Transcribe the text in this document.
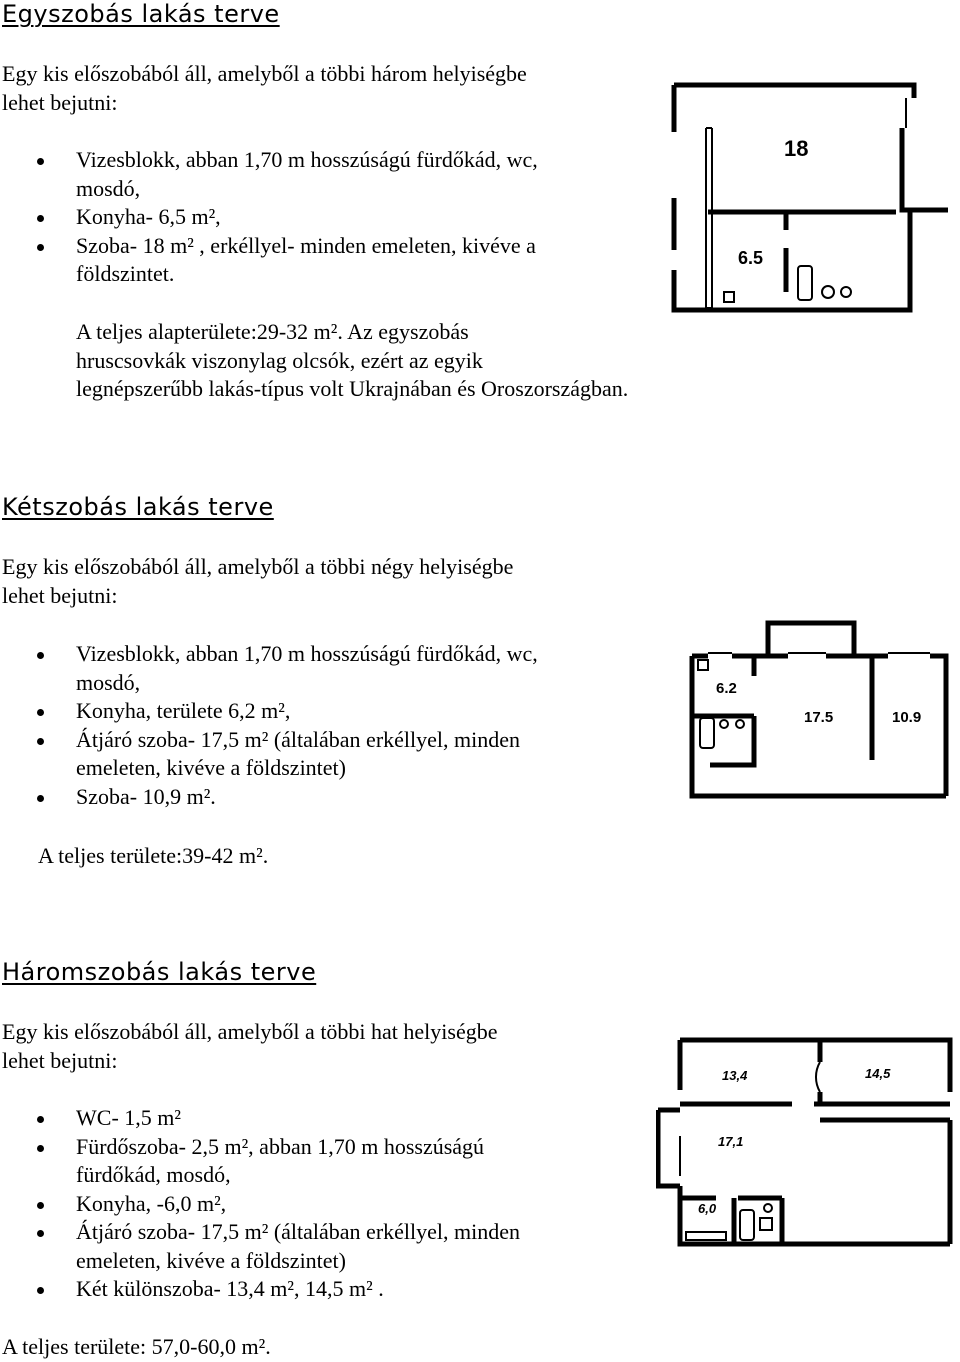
Egyszobás lakás terve

Egy kis előszobából áll, amelyből a többi három helyiségbe
lehet bejutni:

Vizesblokk, abban 1,70 m hosszúságú fürdőkád, wc,
mosdó,
Konyha- 6,5 m²,
Szoba- 18 m² , erkéllyel- minden emeleten, kivéve a
földszintet.

A teljes alapterülete:29-32 m². Az egyszobás
hruscsovkák viszonylag olcsók, ezért az egyik
legnépszerűbb lakás-típus volt Ukrajnában és Oroszországban.

18
6.5
Kétszobás lakás terve

Egy kis előszobából áll, amelyből a többi négy helyiségbe
lehet bejutni:

Vizesblokk, abban 1,70 m hosszúságú fürdőkád, wc,
mosdó,
Konyha, területe 6,2 m²,
Átjáró szoba- 17,5 m² (általában erkéllyel, minden
emeleten, kivéve a földszintet)
Szoba- 10,9 m².

A teljes területe:39-42 m².

6.2
17.5	10.9
Háromszobás lakás terve

Egy kis előszobából áll, amelyből a többi hat helyiségbe
lehet bejutni:

WC- 1,5 m²
Fürdőszoba- 2,5 m², abban 1,70 m hosszúságú
fürdőkád, mosdó,
Konyha, -6,0 m²,
Átjáró szoba- 17,5 m² (általában erkéllyel, minden
emeleten, kivéve a földszintet)
Két különszoba- 13,4 m², 14,5 m² .

A teljes területe: 57,0-60,0 m².

13,4	14,5
17,1
6,0
